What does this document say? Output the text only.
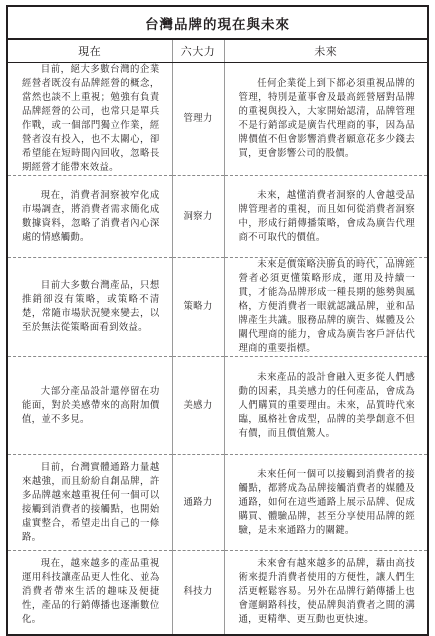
台灣品牌的現在與未來
現在	六大力	未來

目前，絕大多數台灣的企業經營者既沒有品牌經營的概念，當然也談不上重視；勉強有負責品牌經營的公司，也常只是單兵作戰，或一個部門獨立作業，經營者沒有投入，也不太關心，卻希望能在短時間內回收，忽略長期經營才能帶來效益。	管理力	任何企業從上到下都必須重視品牌的管理，特別是董事會及最高經營層對品牌的重視與投入，大家開始認清，品牌管理不是行銷部或是廣告代理商的事，因為品牌價值不但會影響消費者願意花多少錢去買，更會影響公司的股價。

現在，消費者洞察被窄化成市場調查，將消費者需求簡化成數據資料，忽略了消費者內心深處的情感觸動。	洞察力	未來，越懂消費者洞察的人會越受品牌管理者的重視，而且如何從消費者洞察中，形成行銷傳播策略，會成為廣告代理商不可取代的價值。

目前大多數台灣產品，只想推銷卻沒有策略，或策略不清楚，常隨市場狀況變來變去，以至於無法從策略面看到效益。	策略力	未來是價策略決勝負的時代，品牌經營者必須更懂策略形成，運用及持續一貫，才能為品牌形成一種長期的態勢與風格，方便消費者一眼就認識品牌，並和品牌產生共識。服務品牌的廣告、媒體及公關代理商的能力，會成為廣告客戶評估代理商的重要指標。

大部分產品設計還停留在功能面，對於美感帶來的高附加價值，並不多見。	美感力	未來產品的設計會融入更多從人們感動的因素，具美感力的任何產品，會成為人們購買的重要理由。未來，品質時代來臨，風格社會成型，品牌的美學創意不但有價，而且價值驚人。

目前，台灣實體通路力量越來越強，而且紛紛自創品牌，許多品牌越來越重視任何一個可以接觸到消費者的接觸點，也開始虛實整合，希望走出自己的一條路。	通路力	未來任何一個可以接觸到消費者的接觸點，都將成為品牌接觸消費者的媒體及通路，如何在這些通路上展示品牌、促成購買、體驗品牌，甚至分享使用品牌的經驗，是未來通路力的關鍵。

現在，越來越多的產品重視運用科技讓產品更人性化、並為消費者帶來生活的趣味及便捷性，產品的行銷傳播也逐漸數位化。	科技力	未來會有越來越多的品牌，藉由高技術來提升消費者使用的方便性，讓人們生活更輕鬆容易。另外在品牌行銷傳播上也會運網路科技，使品牌與消費者之間的溝通，更精準、更互動也更快速。
